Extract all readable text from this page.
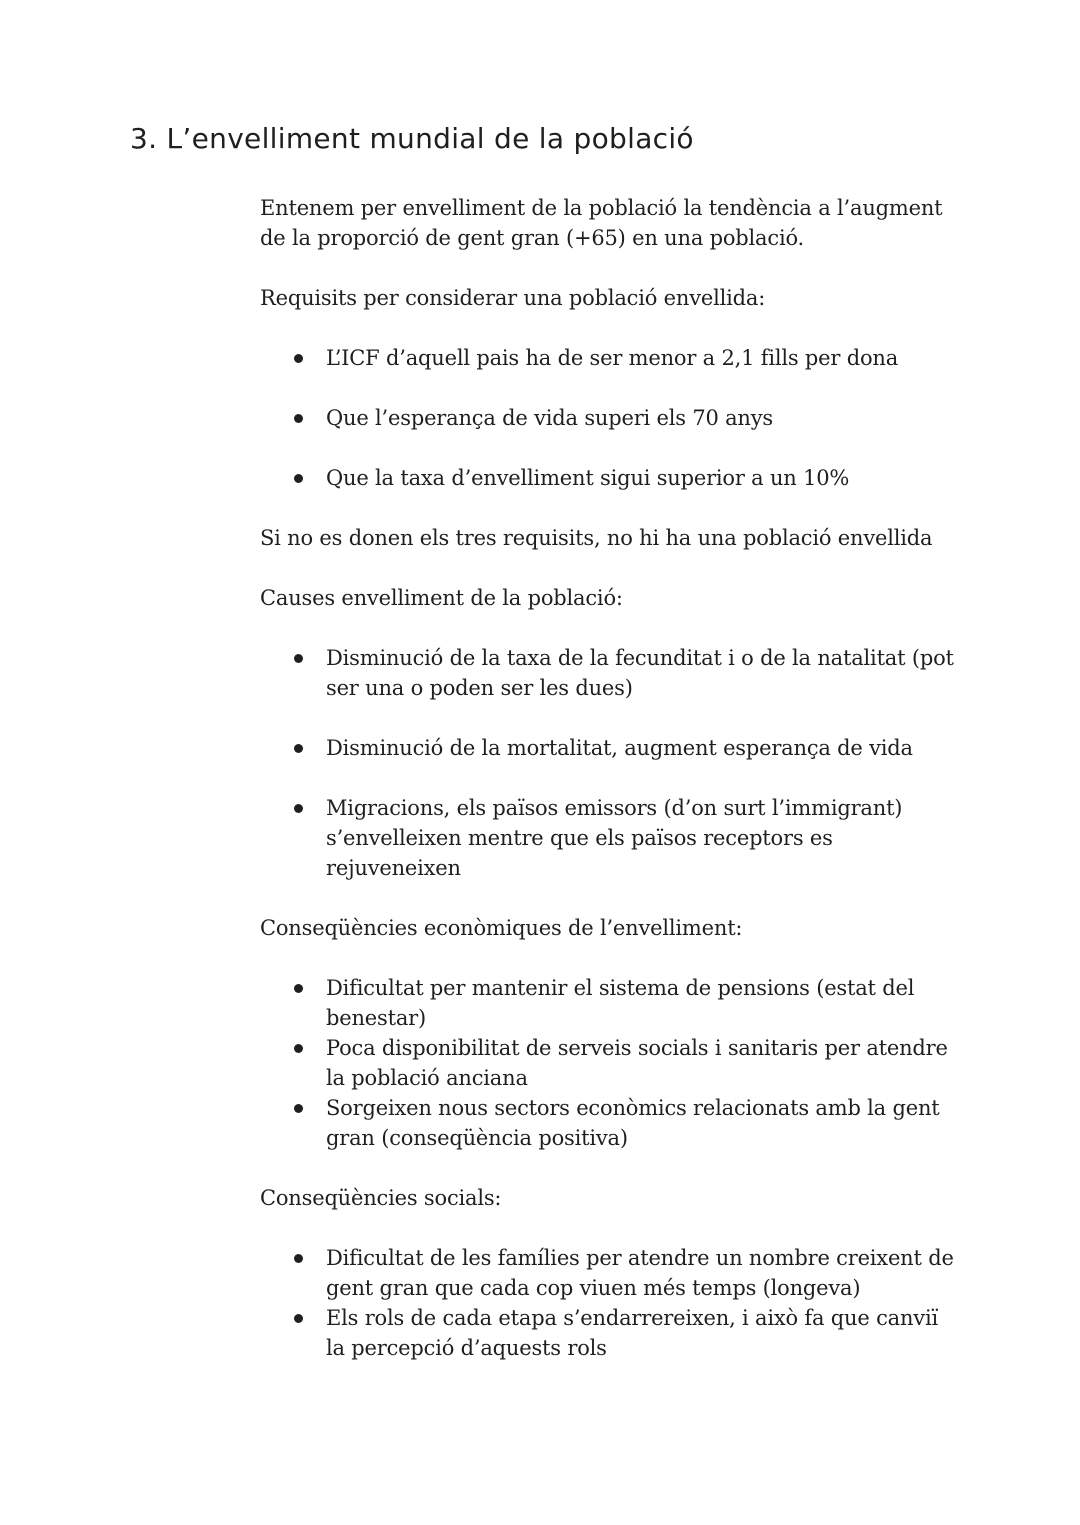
3. L’envelliment mundial de la població

Entenem per envelliment de la població la tendència a l’augment de la proporció de gent gran (+65) en una població.

Requisits per considerar una població envellida:

L’ICF d’aquell pais ha de ser menor a 2,1 fills per dona
Que l’esperança de vida superi els 70 anys
Que la taxa d’envelliment sigui superior a un 10%

Si no es donen els tres requisits, no hi ha una població envellida

Causes envelliment de la població:

Disminució de la taxa de la fecunditat i o de la natalitat (pot ser una o poden ser les dues)
Disminució de la mortalitat, augment esperança de vida
Migracions, els països emissors (d’on surt l’immigrant) s’envelleixen mentre que els països receptors es rejuveneixen

Conseqüències econòmiques de l’envelliment:

Dificultat per mantenir el sistema de pensions (estat del benestar)
Poca disponibilitat de serveis socials i sanitaris per atendre la població anciana
Sorgeixen nous sectors econòmics relacionats amb la gent gran (conseqüència positiva)

Conseqüències socials:

Dificultat de les famílies per atendre un nombre creixent de gent gran que cada cop viuen més temps (longeva)
Els rols de cada etapa s’endarrereixen, i això fa que canviï la percepció d’aquests rols
